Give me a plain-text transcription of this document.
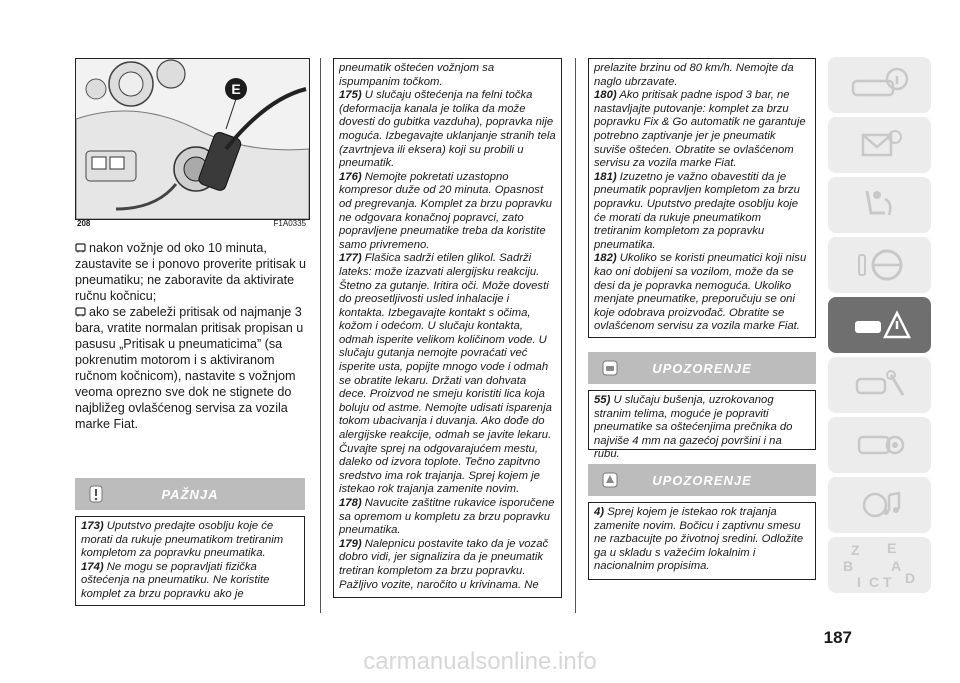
E
208	F1A0335

nakon vožnje od oko 10 minuta, zaustavite se i ponovo proverite pritisak u pneumatiku; ne zaboravite da aktivirate ručnu kočnicu;

ako se zabeleži pritisak od najmanje 3 bara, vratite normalan pritisak propisan u pasusu „Pritisak u pneumaticima” (sa pokrenutim motorom i s aktiviranom ručnom kočnicom), nastavite s vožnjom veoma oprezno sve dok ne stignete do najbližeg ovlašćenog servisa za vozila marke Fiat.

PAŽNJA

173) Uputstvo predajte osoblju koje će morati da rukuje pneumatikom tretiranim kompletom za popravku pneumatika.

174) Ne mogu se popravljati fizička oštećenja na pneumatiku. Ne koristite komplet za brzu popravku ako je

pneumatik oštećen vožnjom sa ispumpanim točkom.

175) U slučaju oštećenja na felni točka (deformacija kanala je tolika da može dovesti do gubitka vazduha), popravka nije moguća. Izbegavajte uklanjanje stranih tela (zavrtnjeva ili eksera) koji su probili u pneumatik.

176) Nemojte pokretati uzastopno kompresor duže od 20 minuta. Opasnost od pregrevanja. Komplet za brzu popravku ne odgovara konačnoj popravci, zato popravljene pneumatike treba da koristite samo privremeno.

177) Flašica sadrži etilen glikol. Sadrži lateks: može izazvati alergijsku reakciju. Štetno za gutanje. Iritira oči. Može dovesti do preosetljivosti usled inhalacije i kontakta. Izbegavajte kontakt s očima, kožom i odećom. U slučaju kontakta, odmah isperite velikom količinom vode. U slučaju gutanja nemojte povraćati već isperite usta, popijte mnogo vode i odmah se obratite lekaru. Držati van dohvata dece. Proizvod ne smeju koristiti lica koja boluju od astme. Nemojte udisati isparenja tokom ubacivanja i duvanja. Ako dođe do alergijske reakcije, odmah se javite lekaru. Čuvajte sprej na odgovarajućem mestu, daleko od izvora toplote. Tečno zapitvno sredstvo ima rok trajanja. Sprej kojem je istekao rok trajanja zamenite novim.

178) Navucite zaštitne rukavice isporučene sa opremom u kompletu za brzu popravku pneumatika.

179) Nalepnicu postavite tako da je vozač dobro vidi, jer signalizira da je pneumatik tretiran kompletom za brzu popravku. Pažljivo vozite, naročito u krivinama. Ne

prelazite brzinu od 80 km/h. Nemojte da naglo ubrzavate.

180) Ako pritisak padne ispod 3 bar, ne nastavljajte putovanje: komplet za brzu popravku Fix & Go automatik ne garantuje potrebno zaptivanje jer je pneumatik suviše oštećen. Obratite se ovlašćenom servisu za vozila marke Fiat.

181) Izuzetno je važno obavestiti da je pneumatik popravljen kompletom za brzu popravku. Uputstvo predajte osoblju koje će morati da rukuje pneumatikom tretiranim kompletom za popravku pneumatika.

182) Ukoliko se koristi pneumatici koji nisu kao oni dobijeni sa vozilom, može da se desi da je popravka nemoguća. Ukoliko menjate pneumatike, preporučuju se oni koje odobrava proizvođač. Obratite se ovlašćenom servisu za vozila marke Fiat.

UPOZORENJE

55) U slučaju bušenja, uzrokovanog stranim telima, moguće je popraviti pneumatike sa oštećenjima prečnika do najviše 4 mm na gazećoj površini i na rubu.

UPOZORENJE

4) Sprej kojem je istekao rok trajanja zamenite novim. Bočicu i zaptivnu smesu ne razbacujte po životnoj sredini. Odložite ga u skladu s važećim lokalnim i nacionalnim propisima.

Z E
B	A
I C T D
187
carmanualsonline.info
